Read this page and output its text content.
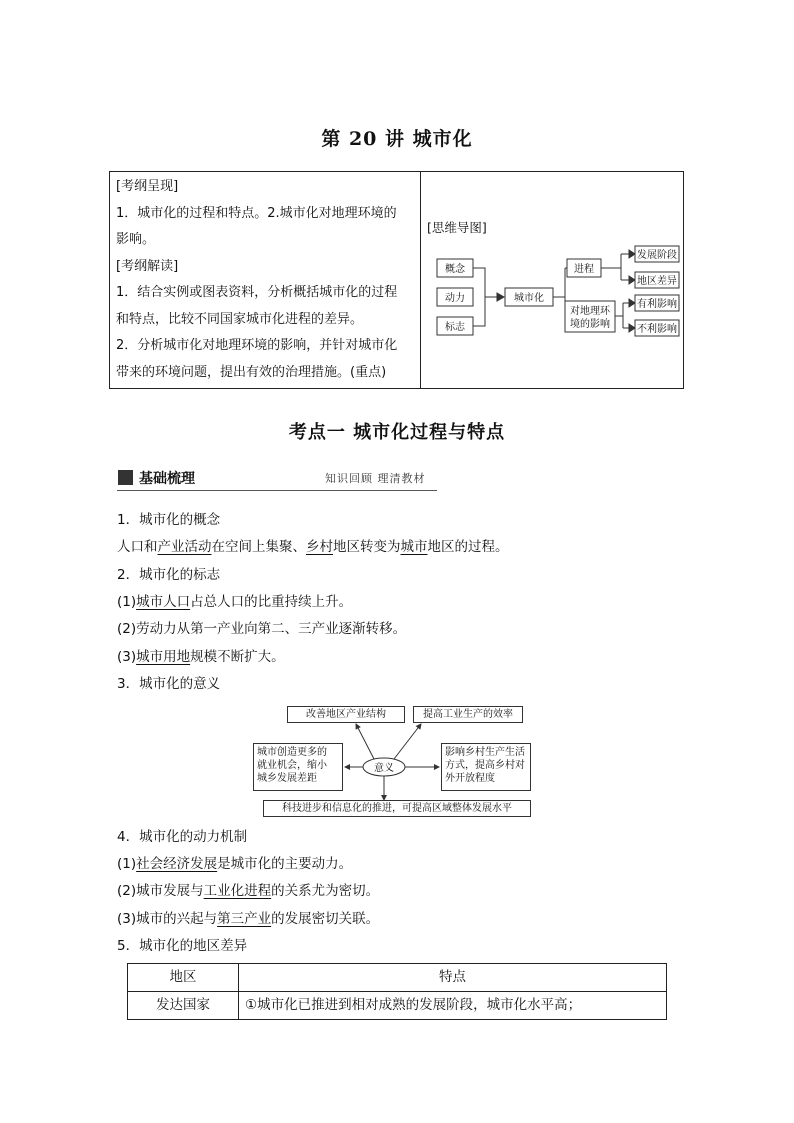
第 20 讲 城市化

[考纲呈现]

1．城市化的过程和特点。2.城市化对地理环境的

影响。

[考纲解读]

1．结合实例或图表资料，分析概括城市化的过程

和特点，比较不同国家城市化进程的差异。

2．分析城市化对地理环境的影响，并针对城市化

带来的环境问题，提出有效的治理措施。(重点)

[思维导图]
概念
动力
标志
城市化
进程
对地理环
境的影响
发展阶段
地区差异
有利影响
不利影响
考点一 城市化过程与特点
基础梳理	知识回顾 理清教材
1．城市化的概念
人口和产业活动在空间上集聚、乡村地区转变为城市地区的过程。
2．城市化的标志
(1)城市人口占总人口的比重持续上升。
(2)劳动力从第一产业向第二、三产业逐渐转移。
(3)城市用地规模不断扩大。
3．城市化的意义
意义
改善地区产业结构	提高工业生产的效率
城市创造更多的
就业机会，缩小
城乡发展差距
影响乡村生产生活
方式，提高乡村对
外开放程度
科技进步和信息化的推进，可提高区域整体发展水平
4．城市化的动力机制
(1)社会经济发展是城市化的主要动力。
(2)城市发展与工业化进程的关系尤为密切。
(3)城市的兴起与第三产业的发展密切关联。
5．城市化的地区差异
地区	特点
发达国家	①城市化已推进到相对成熟的发展阶段，城市化水平高；
